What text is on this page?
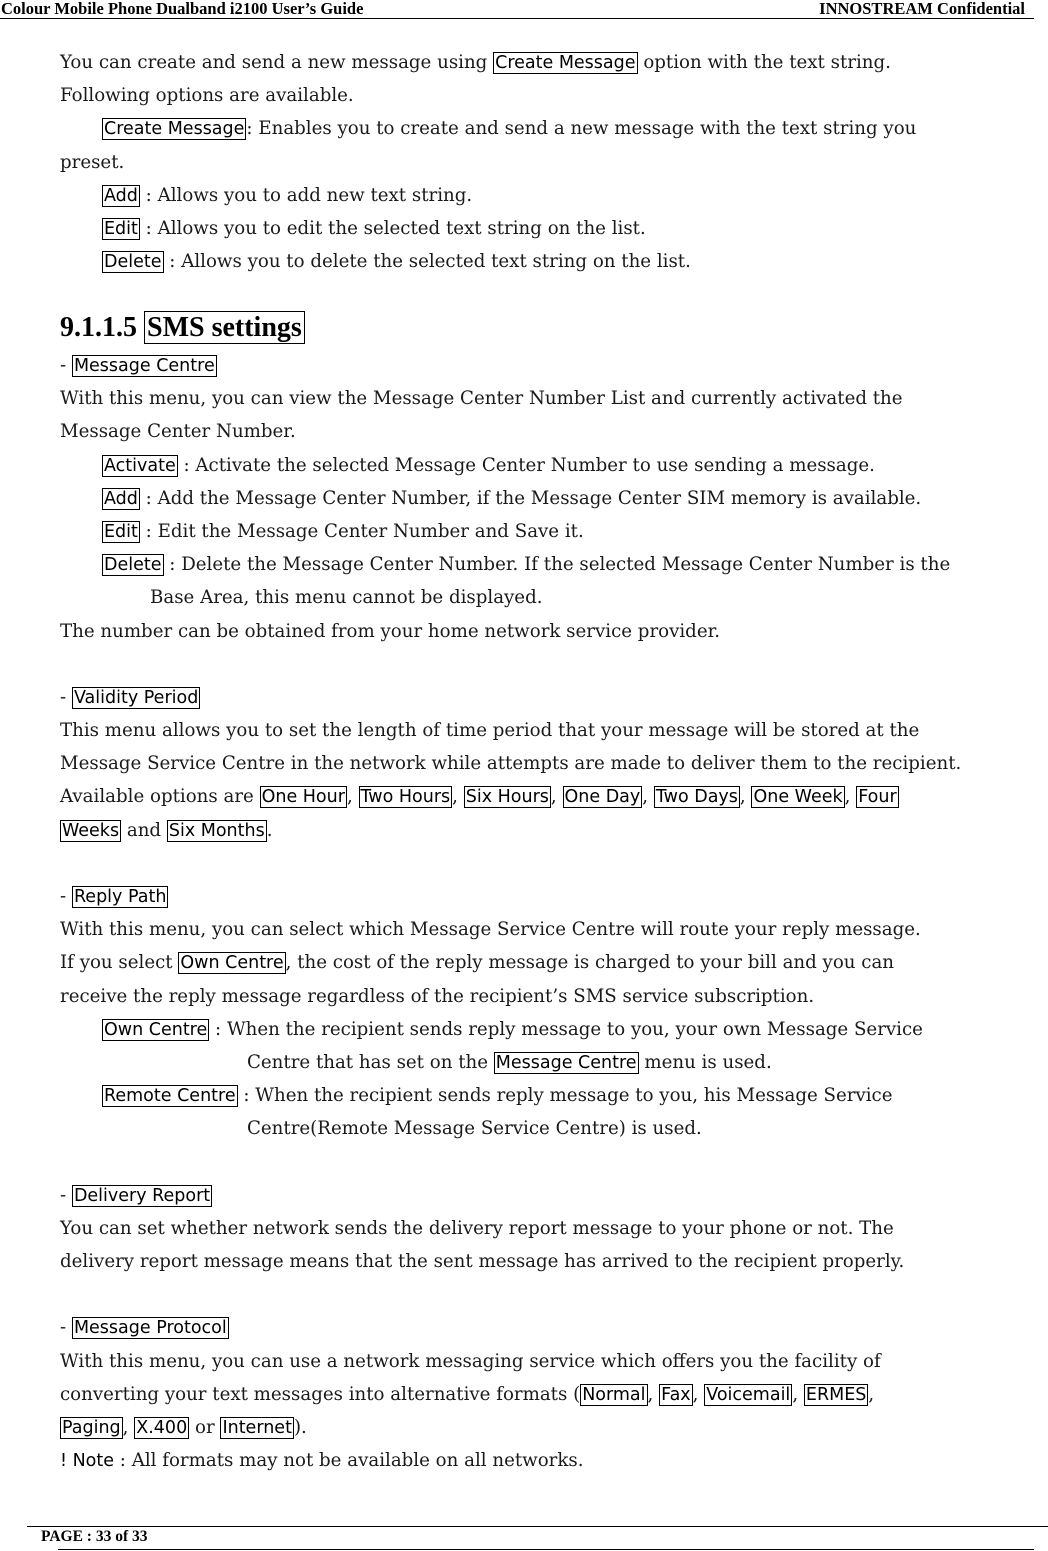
Colour Mobile Phone Dualband i2100 User’s Guide	INNOSTREAM Confidential
You can create and send a new message using Create Message option with the text string.
Following options are available.
Create Message : Enables you to create and send a new message with the text string you
preset.
Add : Allows you to add new text string.
Edit : Allows you to edit the selected text string on the list.
Delete : Allows you to delete the selected text string on the list.
9.1.1.5 SMS settings
- Message Centre
With this menu, you can view the Message Center Number List and currently activated the
Message Center Number.
Activate : Activate the selected Message Center Number to use sending a message.
Add : Add the Message Center Number, if the Message Center SIM memory is available.
Edit : Edit the Message Center Number and Save it.
Delete : Delete the Message Center Number. If the selected Message Center Number is the
Base Area, this menu cannot be displayed.
The number can be obtained from your home network service provider.
- Validity Period
This menu allows you to set the length of time period that your message will be stored at the
Message Service Centre in the network while attempts are made to deliver them to the recipient.
Available options are One Hour , Two Hours , Six Hours , One Day , Two Days , One Week , Four
Weeks and Six Months .
- Reply Path
With this menu, you can select which Message Service Centre will route your reply message.
If you select Own Centre , the cost of the reply message is charged to your bill and you can
receive the reply message regardless of the recipient’s SMS service subscription.
Own Centre : When the recipient sends reply message to you, your own Message Service
Centre that has set on the Message Centre menu is used.
Remote Centre : When the recipient sends reply message to you, his Message Service
Centre(Remote Message Service Centre) is used.
- Delivery Report
You can set whether network sends the delivery report message to your phone or not. The
delivery report message means that the sent message has arrived to the recipient properly.
- Message Protocol
With this menu, you can use a network messaging service which offers you the facility of
converting your text messages into alternative formats ( Normal , Fax , Voicemail , ERMES ,
Paging , X.400 or Internet ).
! Note : All formats may not be available on all networks.
PAGE : 33 of 33
